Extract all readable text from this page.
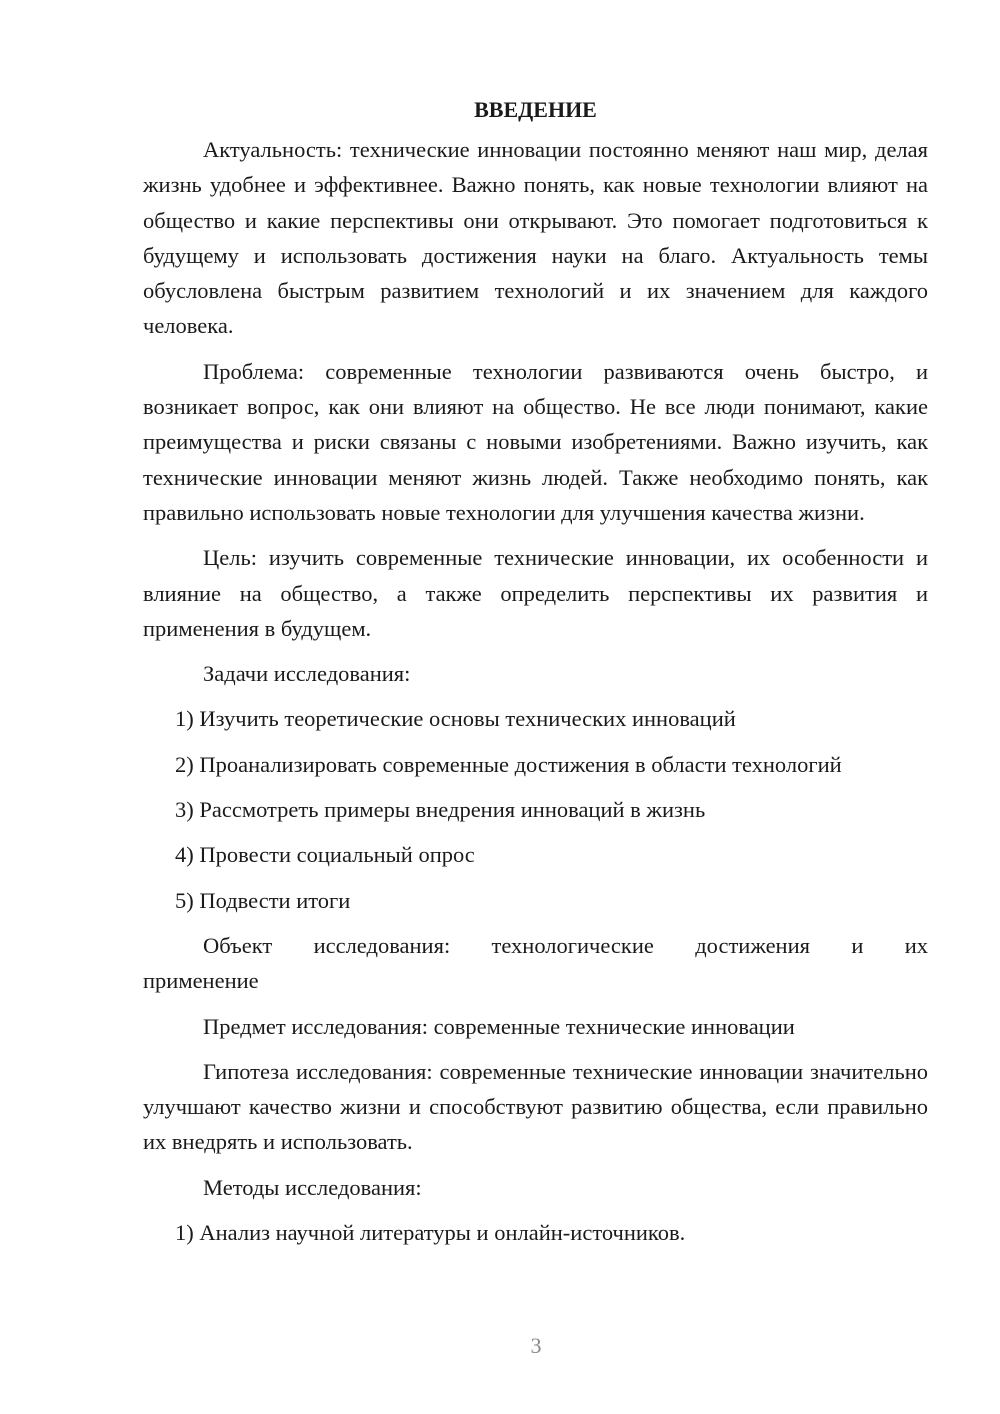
ВВЕДЕНИЕ

Актуальность: технические инновации постоянно меняют наш мир, делая жизнь удобнее и эффективнее. Важно понять, как новые технологии влияют на общество и какие перспективы они открывают. Это помогает подготовиться к будущему и использовать достижения науки на благо. Актуальность темы обусловлена быстрым развитием технологий и их значением для каждого человека.

Проблема: современные технологии развиваются очень быстро, и возникает вопрос, как они влияют на общество. Не все люди понимают, какие преимущества и риски связаны с новыми изобретениями. Важно изучить, как технические инновации меняют жизнь людей. Также необходимо понять, как правильно использовать новые технологии для улучшения качества жизни.

Цель: изучить современные технические инновации, их особенности и влияние на общество, а также определить перспективы их развития и применения в будущем.

Задачи исследования:
1) Изучить теоретические основы технических инноваций
2) Проанализировать современные достижения в области технологий
3) Рассмотреть примеры внедрения инноваций в жизнь
4) Провести социальный опрос
5) Подвести итоги
Объект исследования: технологические достижения и их
применение
Предмет исследования: современные технические инновации

Гипотеза исследования: современные технические инновации значительно улучшают качество жизни и способствуют развитию общества, если правильно их внедрять и использовать.

Методы исследования:
1) Анализ научной литературы и онлайн-источников.
3
